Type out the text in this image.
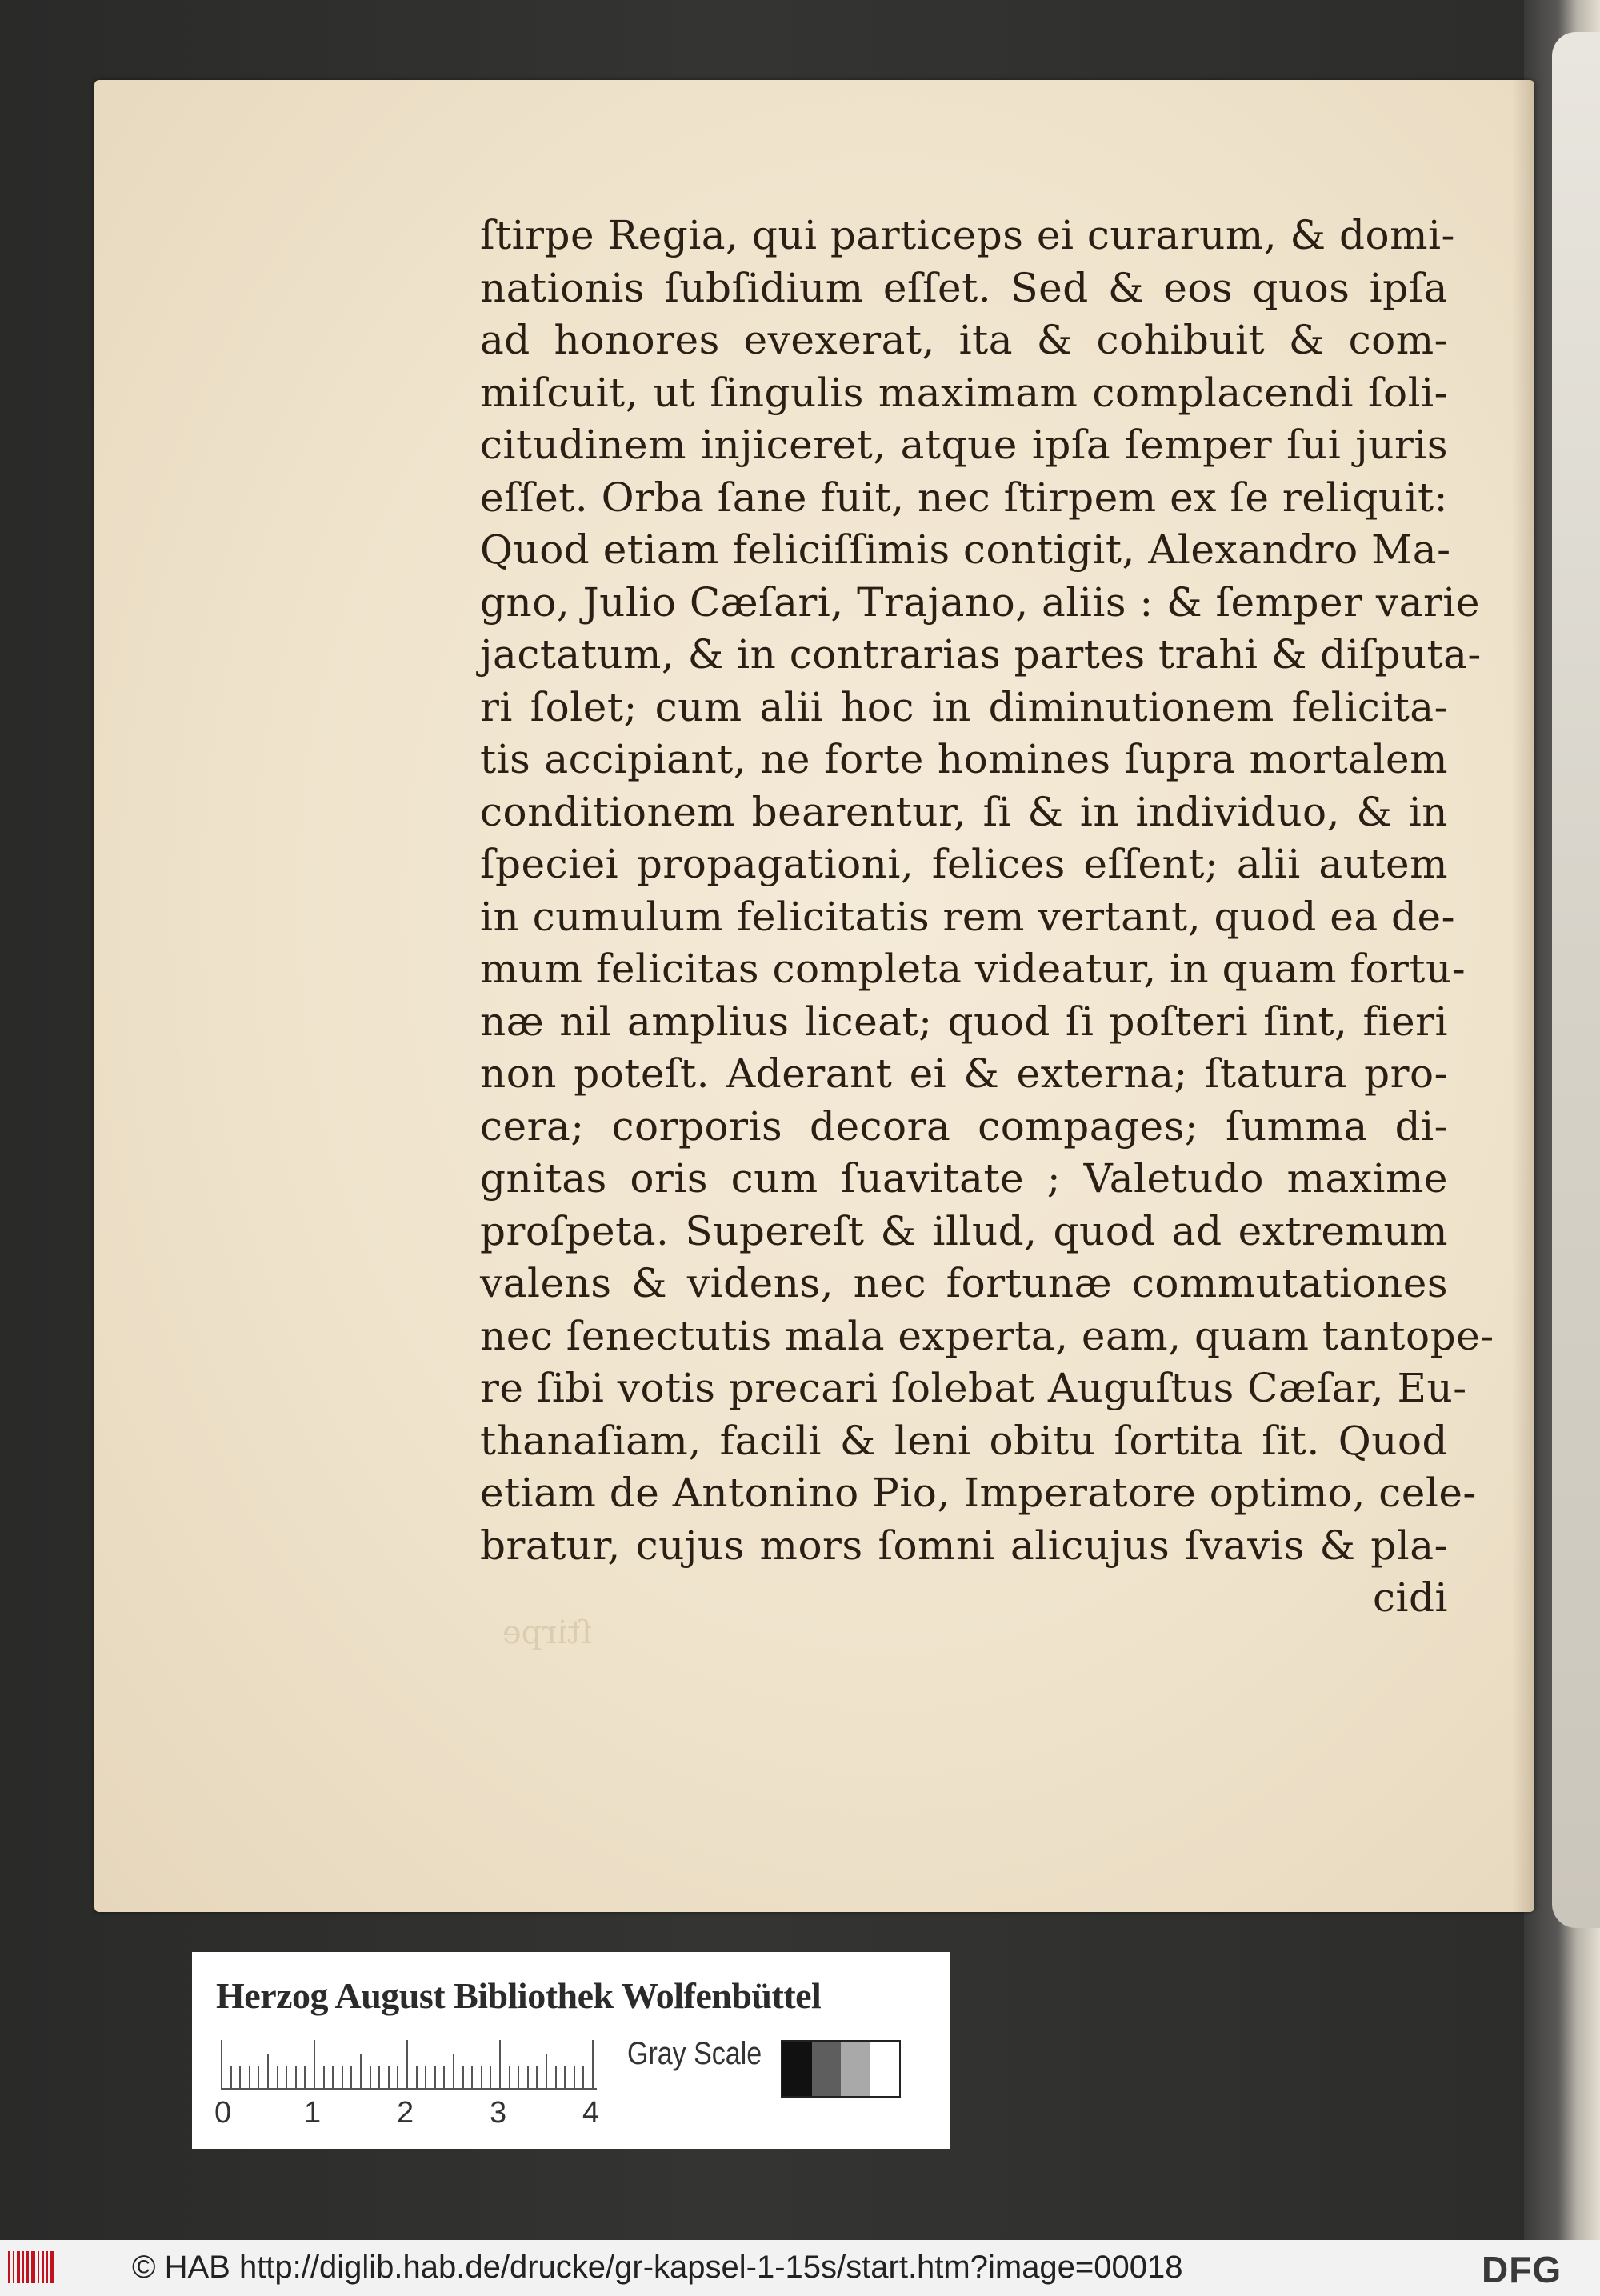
ſtirpe Regia, qui particeps ei curarum, & domi-
nationis ſubſidium eſſet. Sed & eos quos ipſa
ad honores evexerat, ita & cohibuit & com-
miſcuit, ut ſingulis maximam complacendi ſoli-
citudinem injiceret, atque ipſa ſemper ſui juris
eſſet. Orba ſane fuit, nec ſtirpem ex ſe reliquit:
Quod etiam feliciſſimis contigit, Alexandro Ma-
gno, Julio Cæſari, Trajano, aliis : & ſemper varie
jactatum, & in contrarias partes trahi & diſputa-
ri ſolet; cum alii hoc in diminutionem felicita-
tis accipiant, ne forte homines ſupra mortalem
conditionem bearentur, ſi & in individuo, & in
ſpeciei propagationi, felices eſſent; alii autem
in cumulum felicitatis rem vertant, quod ea de-
mum felicitas completa videatur, in quam fortu-
næ nil amplius liceat; quod ſi poſteri ſint, fieri
non poteſt. Aderant ei & externa; ſtatura pro-
cera; corporis decora compages; ſumma di-
gnitas oris cum ſuavitate ; Valetudo maxime
proſpeta. Supereſt & illud, quod ad extremum
valens & videns, nec fortunæ commutationes
nec ſenectutis mala experta, eam, quam tantope-
re ſibi votis precari ſolebat Auguſtus Cæſar, Eu-
thanaſiam, facili & leni obitu ſortita ſit. Quod
etiam de Antonino Pio, Imperatore optimo, cele-
bratur, cujus mors ſomni alicujus ſvavis & pla-
cidi
ſtirpe
Herzog August Bibliothek Wolfenbüttel
0 1 2 3 4
Gray Scale
© HAB http://diglib.hab.de/drucke/gr-kapsel-1-15s/start.htm?image=00018	DFG
